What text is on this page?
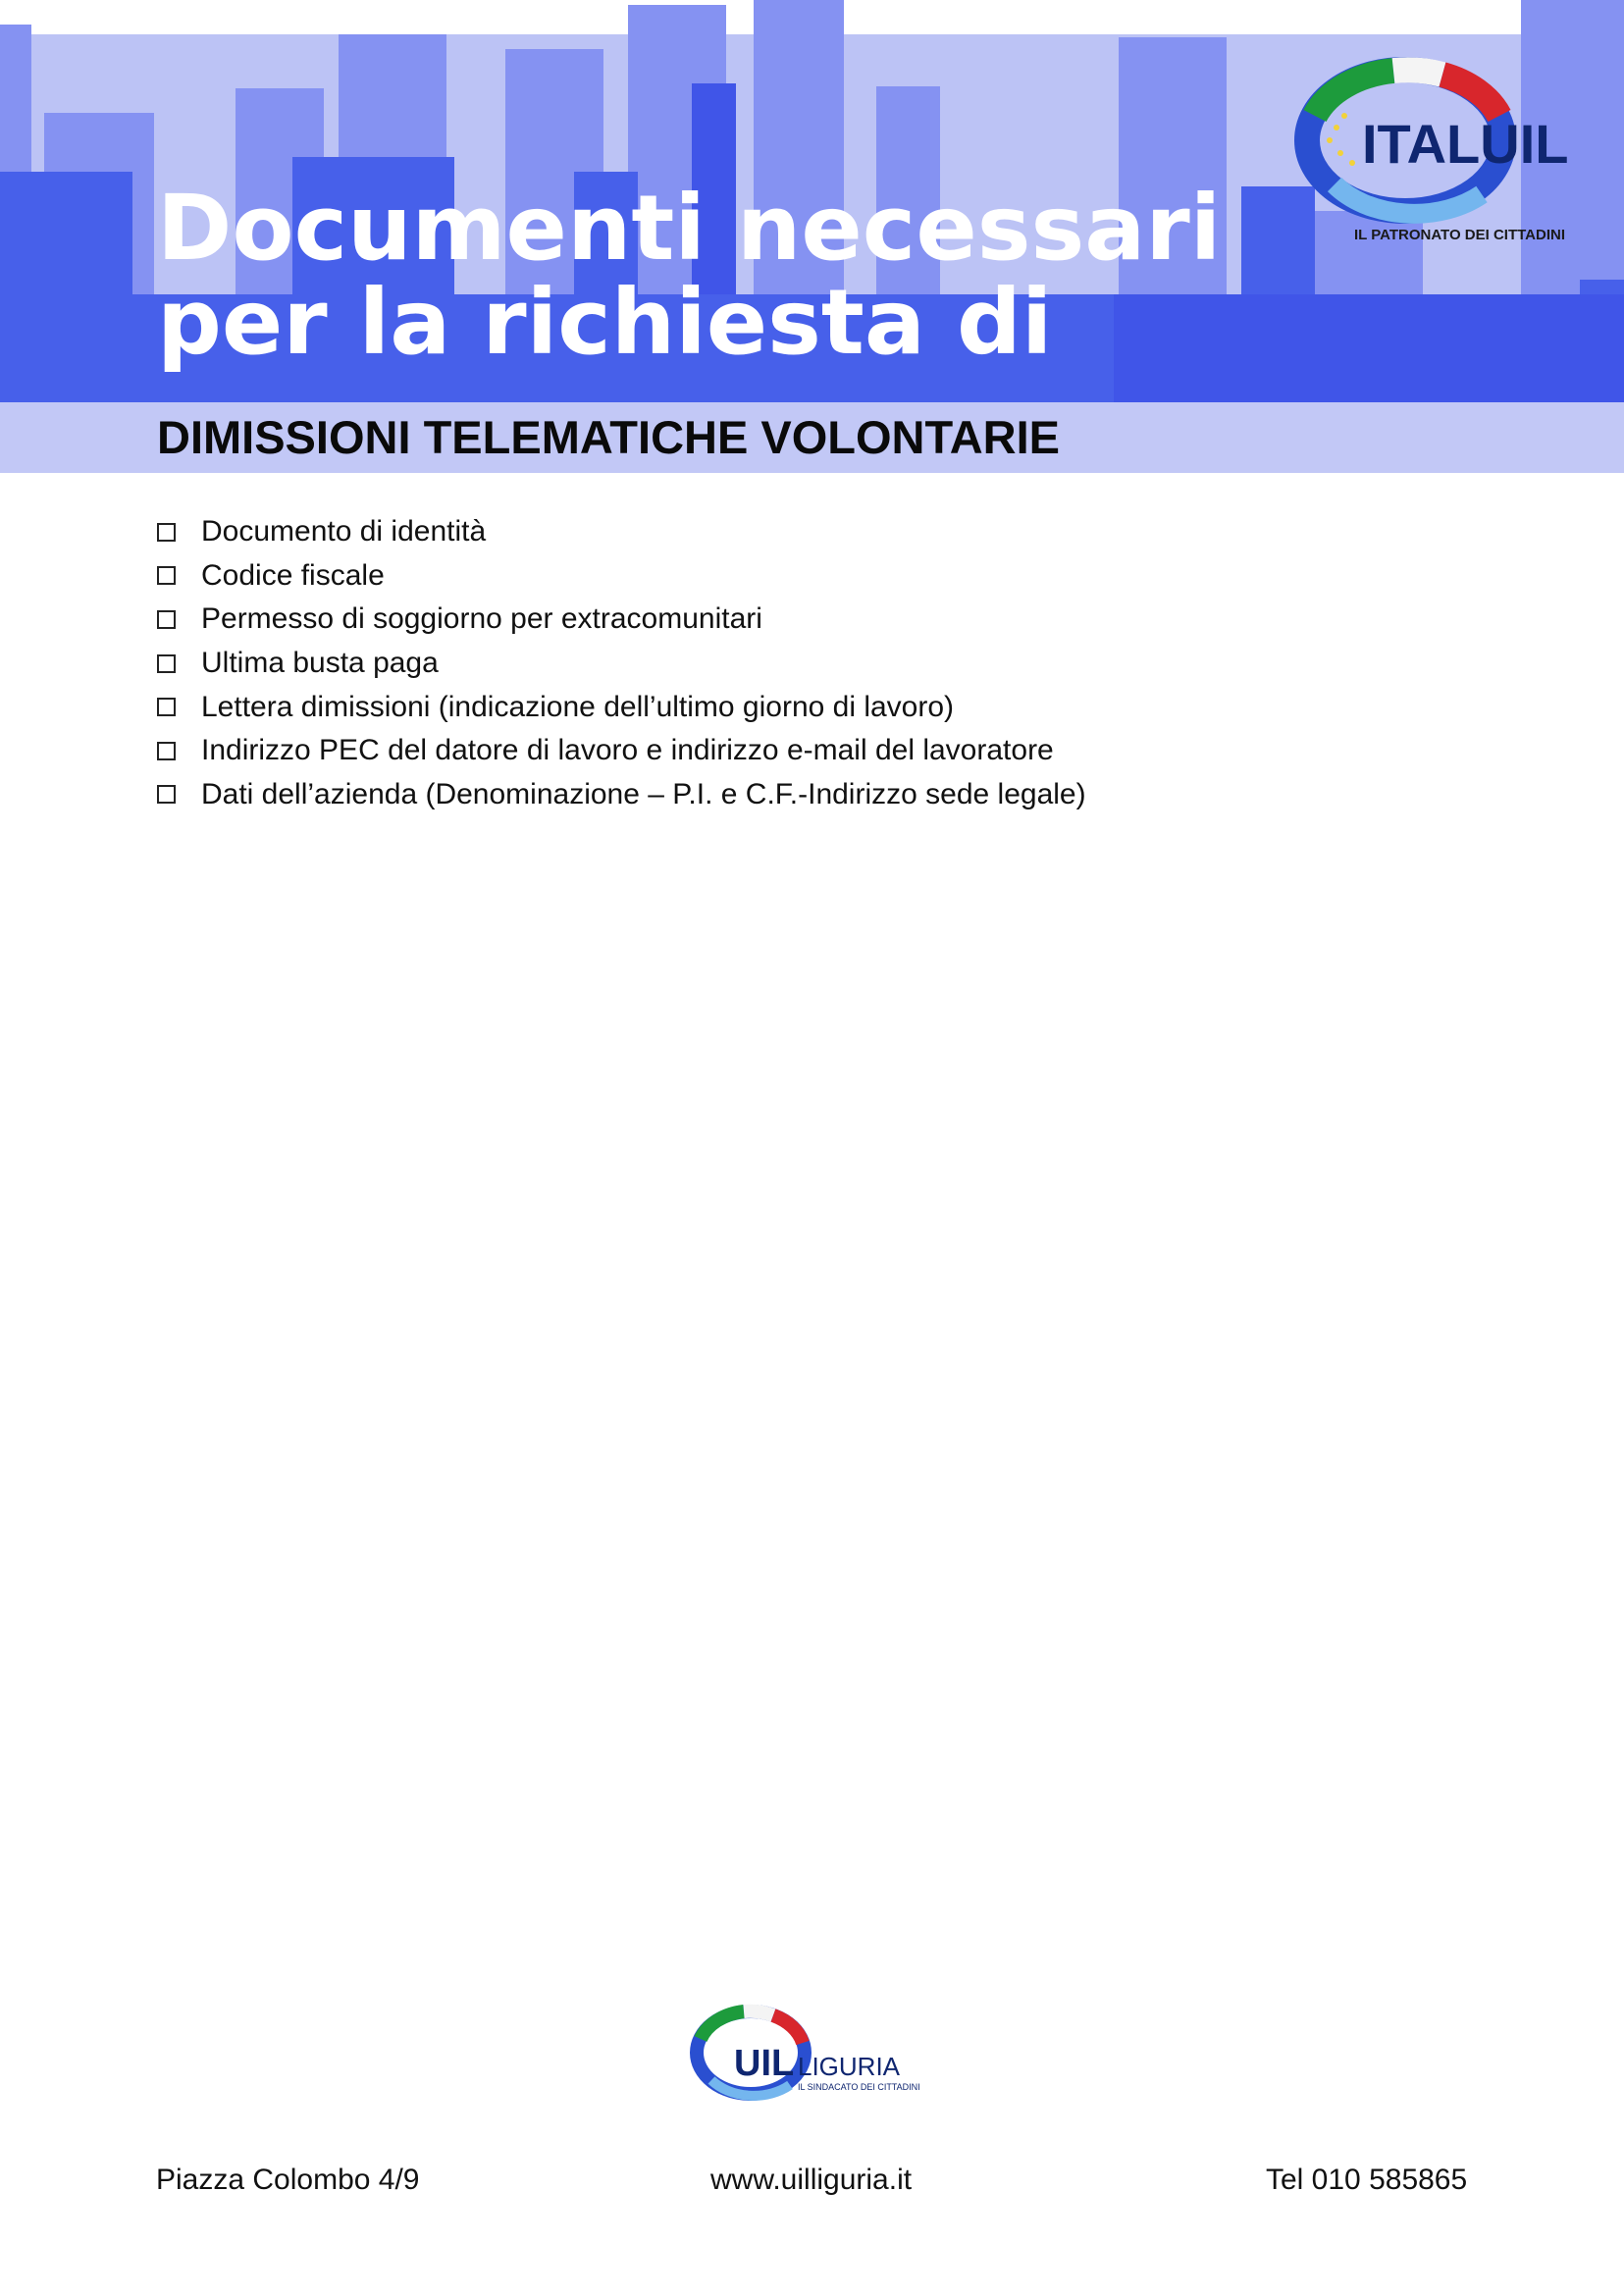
Documenti necessari
per la richiesta di
ITALUIL
IL PATRONATO DEI CITTADINI
DIMISSIONI TELEMATICHE VOLONTARIE
Documento di identità
Codice fiscale
Permesso di soggiorno per extracomunitari
Ultima busta paga
Lettera dimissioni (indicazione dell’ultimo giorno di lavoro)
Indirizzo PEC del datore di lavoro e indirizzo e-mail del lavoratore
Dati dell’azienda (Denominazione – P.I. e C.F.-Indirizzo sede legale)
UIL LIGURIA
IL SINDACATO DEI CITTADINI
Piazza Colombo 4/9	www.uilliguria.it	Tel 010 585865
